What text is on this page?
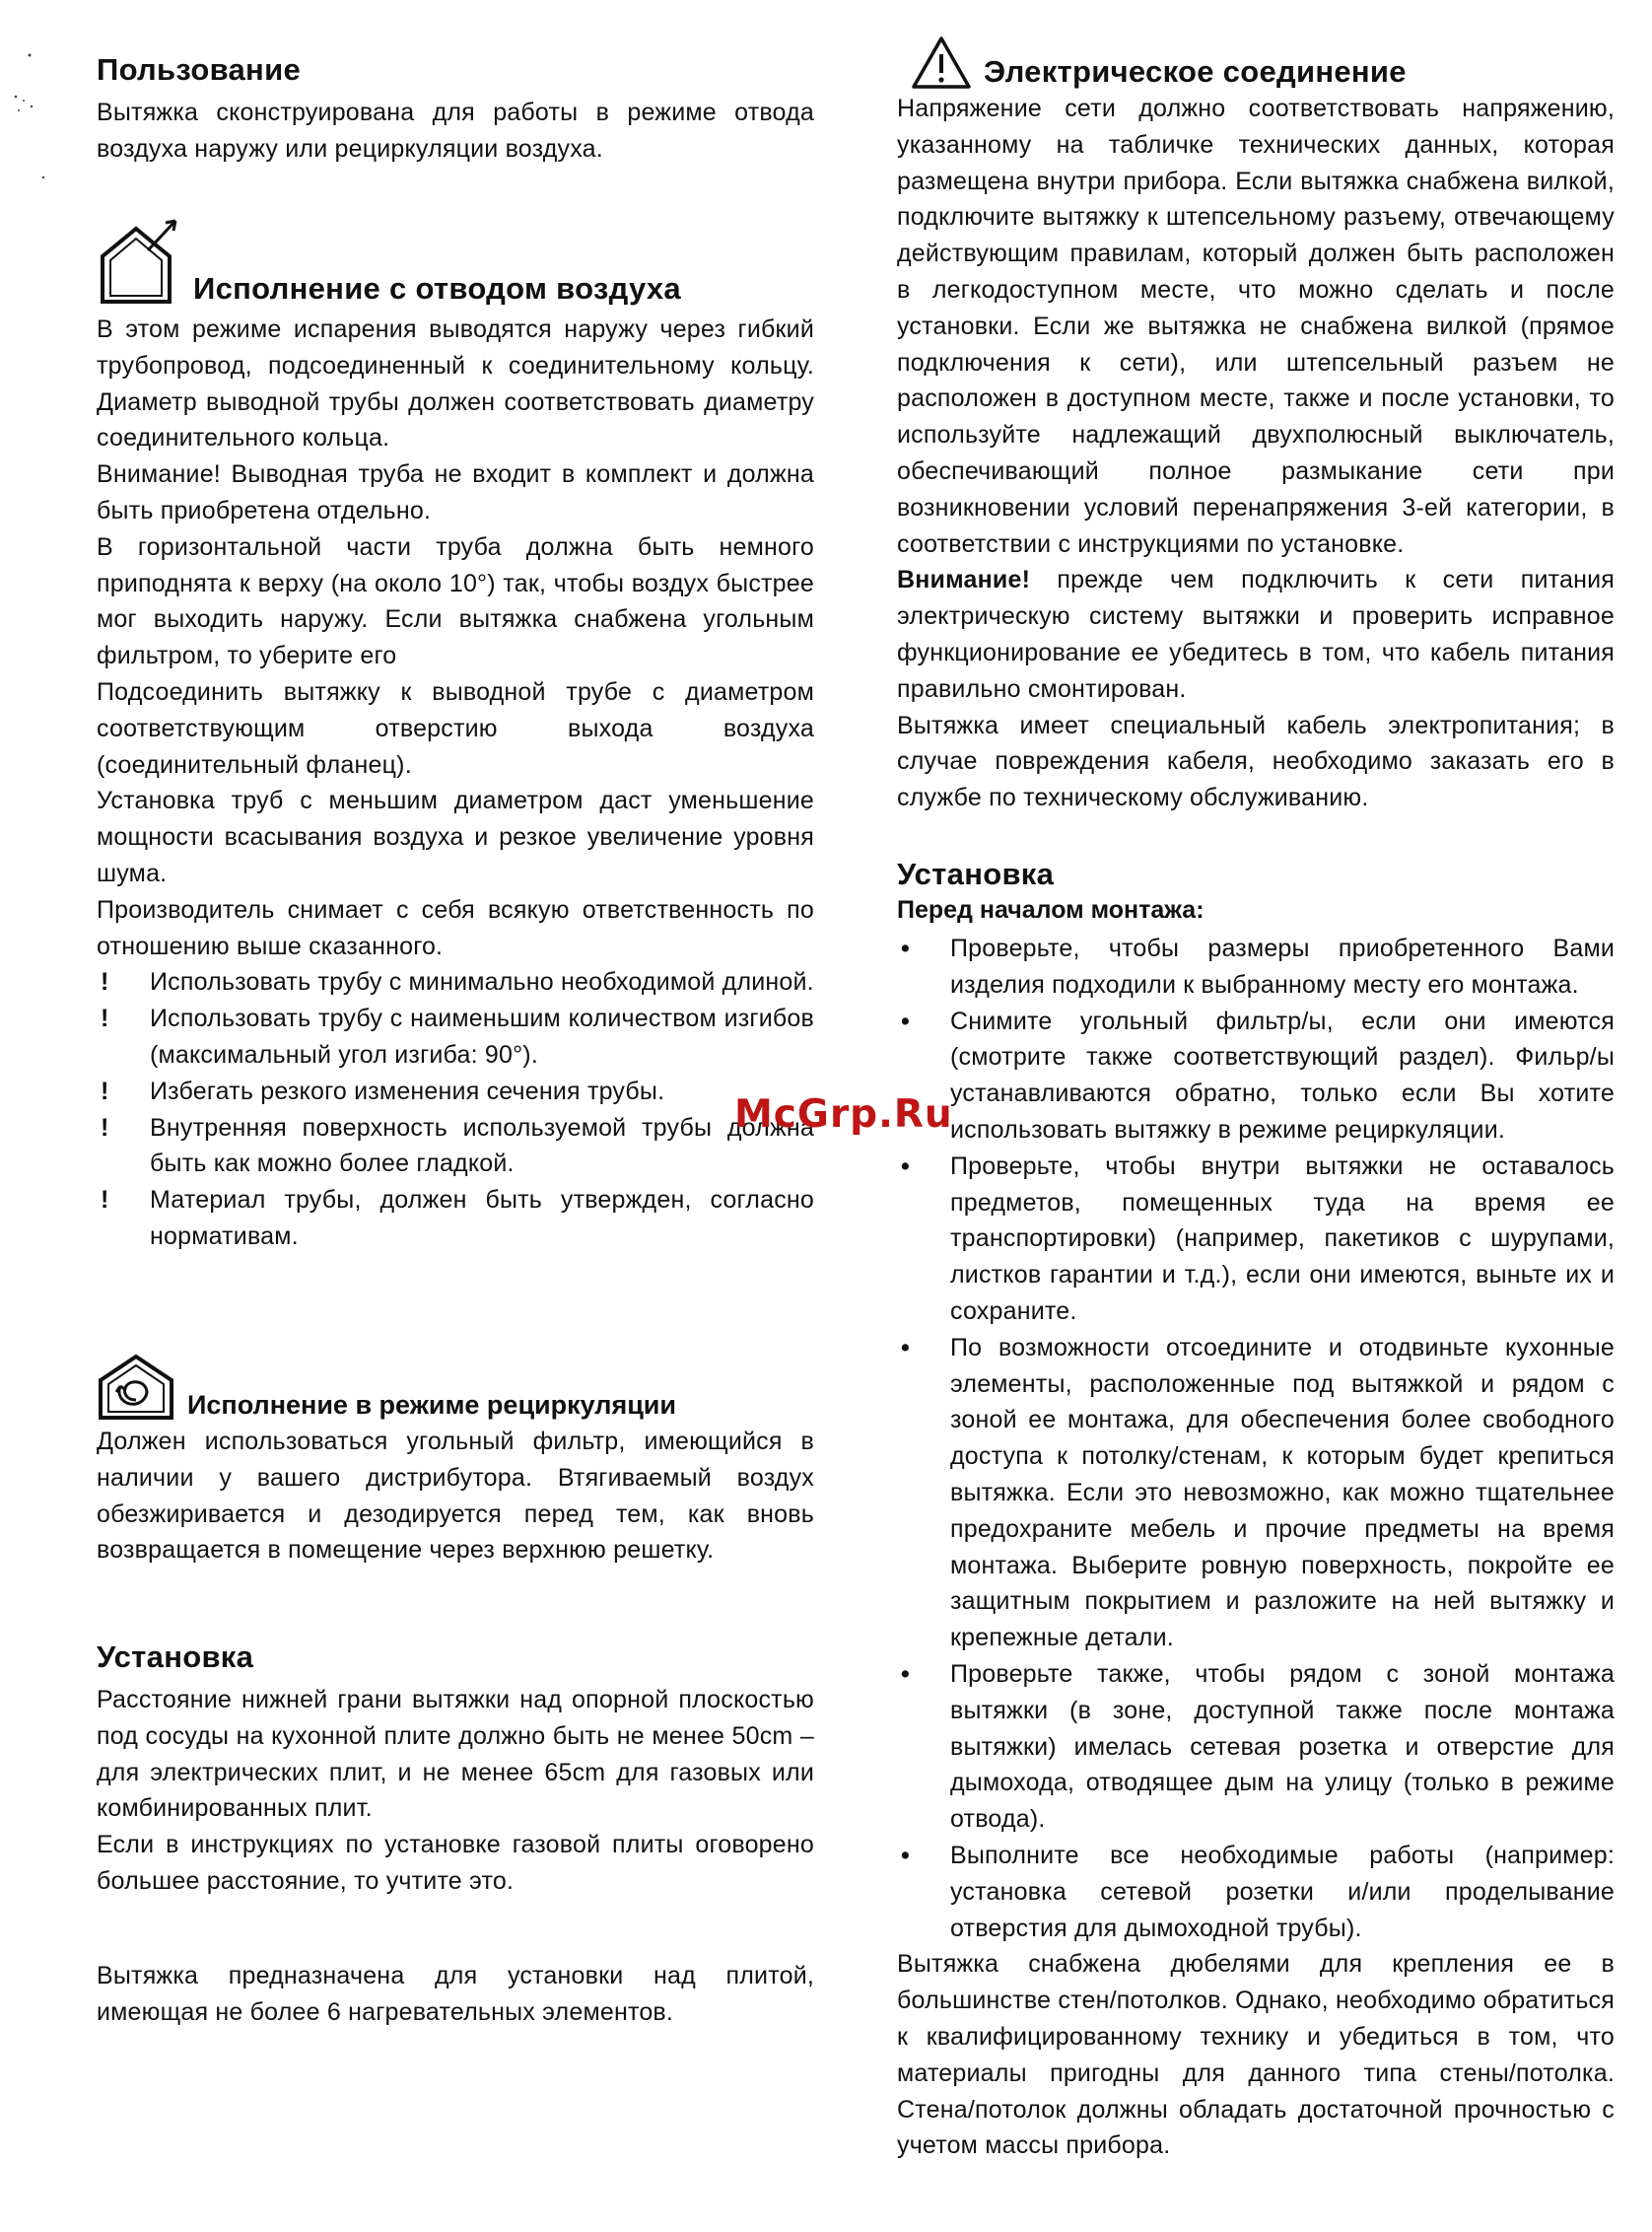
Пользование

Вытяжка сконструирована для работы в режиме отвода воздуха наружу или рециркуляции воздуха.

Исполнение с отводом воздуха

В этом режиме испарения выводятся наружу через гибкий трубопровод, подсоединенный к соединительному кольцу. Диаметр выводной трубы должен соответствовать диаметру соединительного кольца.

Внимание! Выводная труба не входит в комплект и должна быть приобретена отдельно.

В горизонтальной части труба должна быть немного приподнята к верху (на около 10°) так, чтобы воздух быстрее мог выходить наружу. Если вытяжка снабжена угольным фильтром, то уберите его

Подсоединить вытяжку к выводной трубе с диаметром соответствующим отверстию выхода воздуха (соединительный фланец).

Установка труб с меньшим диаметром даст уменьшение мощности всасывания воздуха и резкое увеличение уровня шума.

Производитель снимает с себя всякую ответственность по отношению выше сказанного.

!	Использовать трубу с минимально необходимой длиной.
!	Использовать трубу с наименьшим количеством изгибов (максимальный угол изгиба: 90°).
!	Избегать резкого изменения сечения трубы.
!	Внутренняя поверхность используемой трубы должна быть как можно более гладкой.
!	Материал трубы, должен быть утвержден, согласно нормативам.
Исполнение в режиме рециркуляции

Должен использоваться угольный фильтр, имеющийся в наличии у вашего дистрибутора. Втягиваемый воздух обезжиривается и дезодируется перед тем, как вновь возвращается в помещение через верхнюю решетку.

Установка

Расстояние нижней грани вытяжки над опорной плоскостью под сосуды на кухонной плите должно быть не менее 50cm – для электрических плит, и не менее 65cm для газовых или комбинированных плит.

Если в инструкциях по установке газовой плиты оговорено большее расстояние, то учтите это.

Вытяжка предназначена для установки над плитой, имеющая не более 6 нагревательных элементов.

Электрическое соединение

Напряжение сети должно соответствовать напряжению, указанному на табличке технических данных, которая размещена внутри прибора. Если вытяжка снабжена вилкой, подключите вытяжку к штепсельному разъему, отвечающему действующим правилам, который должен быть расположен в легкодоступном месте, что можно сделать и после установки. Если же вытяжка не снабжена вилкой (прямое подключения к сети), или штепсельный разъем не расположен в доступном месте, также и после установки, то используйте надлежащий двухполюсный выключатель, обеспечивающий полное размыкание сети при возникновении условий перенапряжения 3-ей категории, в соответствии с инструкциями по установке.

Внимание! прежде чем подключить к сети питания электрическую систему вытяжки и проверить исправное функционирование ее убедитесь в том, что кабель питания правильно смонтирован.

Вытяжка имеет специальный кабель электропитания; в случае повреждения кабеля, необходимо заказать его в службе по техническому обслуживанию.

Установка
Перед началом монтажа:
•	Проверьте, чтобы размеры приобретенного Вами изделия подходили к выбранному месту его монтажа.
•	Снимите угольный фильтр/ы, если они имеются (смотрите также соответствующий раздел). Фильр/ы устанавливаются обратно, только если Вы хотите использовать вытяжку в режиме рециркуляции.
•	Проверьте, чтобы внутри вытяжки не оставалось предметов, помещенных туда на время ее транспортировки) (например, пакетиков с шурупами, листков гарантии и т.д.), если они имеются, выньте их и сохраните.
•	По возможности отсоедините и отодвиньте кухонные элементы, расположенные под вытяжкой и рядом с зоной ее монтажа, для обеспечения более свободного доступа к потолку/стенам, к которым будет крепиться вытяжка. Если это невозможно, как можно тщательнее предохраните мебель и прочие предметы на время монтажа. Выберите ровную поверхность, покройте ее защитным покрытием и разложите на ней вытяжку и крепежные детали.
•	Проверьте также, чтобы рядом с зоной монтажа вытяжки (в зоне, доступной также после монтажа вытяжки) имелась сетевая розетка и отверстие для дымохода, отводящее дым на улицу (только в режиме отвода).
•	Выполните все необходимые работы (например: установка сетевой розетки и/или проделывание отверстия для дымоходной трубы).

Вытяжка снабжена дюбелями для крепления ее в большинстве стен/потолков. Однако, необходимо обратиться к квалифицированному технику и убедиться в том, что материалы пригодны для данного типа стены/потолка. Стена/потолок должны обладать достаточной прочностью с учетом массы прибора.

McGrp.Ru
